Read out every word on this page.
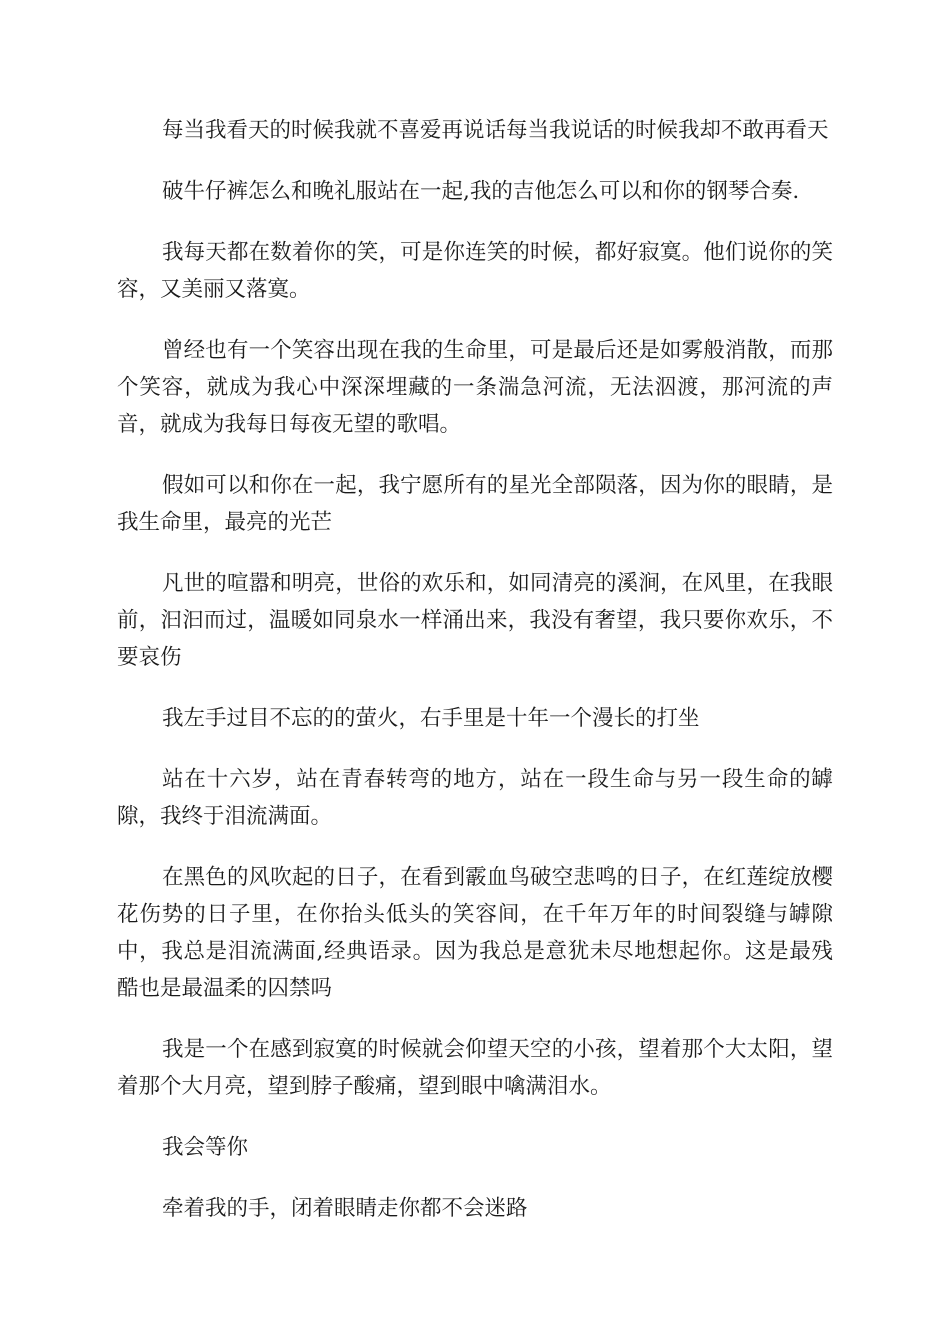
每当我看天的时候我就不喜爱再说话每当我说话的时候我却不敢再看天

破牛仔裤怎么和晚礼服站在一起,我的吉他怎么可以和你的钢琴合奏.

我每天都在数着你的笑，可是你连笑的时候，都好寂寞。他们说你的笑容，又美丽又落寞。

曾经也有一个笑容出现在我的生命里，可是最后还是如雾般消散，而那个笑容，就成为我心中深深埋藏的一条湍急河流，无法泅渡，那河流的声音，就成为我每日每夜无望的歌唱。

假如可以和你在一起，我宁愿所有的星光全部陨落，因为你的眼睛，是我生命里，最亮的光芒

凡世的喧嚣和明亮，世俗的欢乐和，如同清亮的溪涧，在风里，在我眼前，汩汩而过，温暖如同泉水一样涌出来，我没有奢望，我只要你欢乐，不要哀伤

我左手过目不忘的的萤火，右手里是十年一个漫长的打坐

站在十六岁，站在青春转弯的地方，站在一段生命与另一段生命的罅隙，我终于泪流满面。

在黑色的风吹起的日子，在看到霰血鸟破空悲鸣的日子，在红莲绽放樱花伤势的日子里，在你抬头低头的笑容间，在千年万年的时间裂缝与罅隙中，我总是泪流满面,经典语录。因为我总是意犹未尽地想起你。这是最残酷也是最温柔的囚禁吗

我是一个在感到寂寞的时候就会仰望天空的小孩，望着那个大太阳，望着那个大月亮，望到脖子酸痛，望到眼中噙满泪水。

我会等你

牵着我的手，闭着眼睛走你都不会迷路
